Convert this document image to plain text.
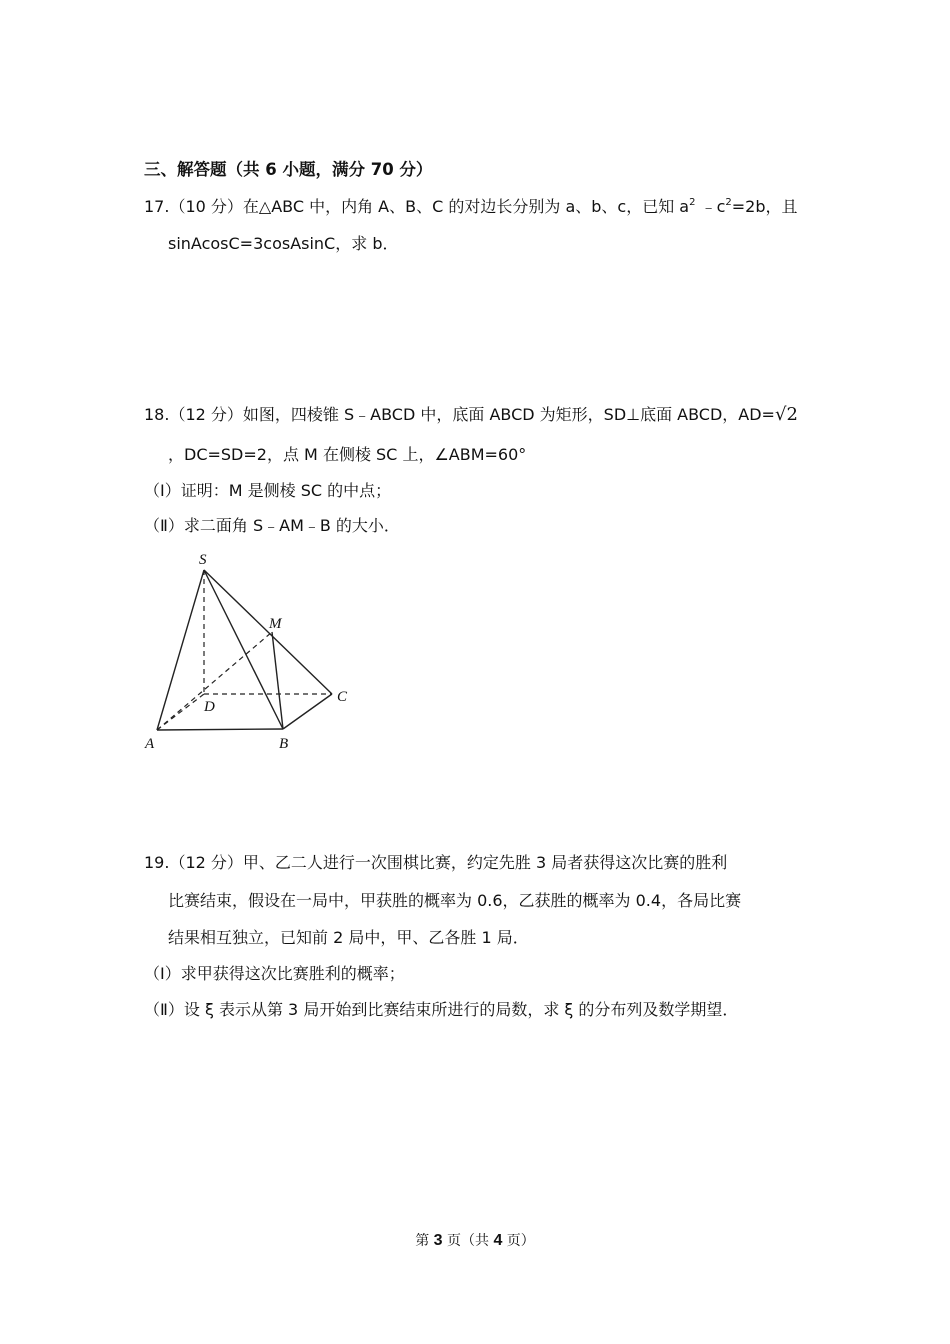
三、解答题（共 6 小题，满分 70 分）
17.（10 分）在△ABC 中，内角 A、B、C 的对边长分别为 a、b、c，已知 $a^2$ $﹣c^2=2b$，且
sinAcosC=3cosAsinC，求 b．
18.（12 分）如图，四棱锥 S﹣ABCD 中，底面 ABCD 为矩形，SD⊥底面 ABCD，AD=√2
，DC=SD=2，点 M 在侧棱 SC 上，∠ABM=60°
（Ⅰ）证明：M 是侧棱 SC 的中点；
（Ⅱ）求二面角 S﹣AM﹣B 的大小．
S
M
D
C
A	B
19.（12 分）甲、乙二人进行一次围棋比赛，约定先胜 3 局者获得这次比赛的胜利
比赛结束，假设在一局中，甲获胜的概率为 0.6，乙获胜的概率为 0.4，各局比赛
结果相互独立，已知前 2 局中，甲、乙各胜 1 局．
（Ⅰ）求甲获得这次比赛胜利的概率；
（Ⅱ）设 ξ 表示从第 3 局开始到比赛结束所进行的局数，求 ξ 的分布列及数学期望．
第 3 页（共 4 页）
